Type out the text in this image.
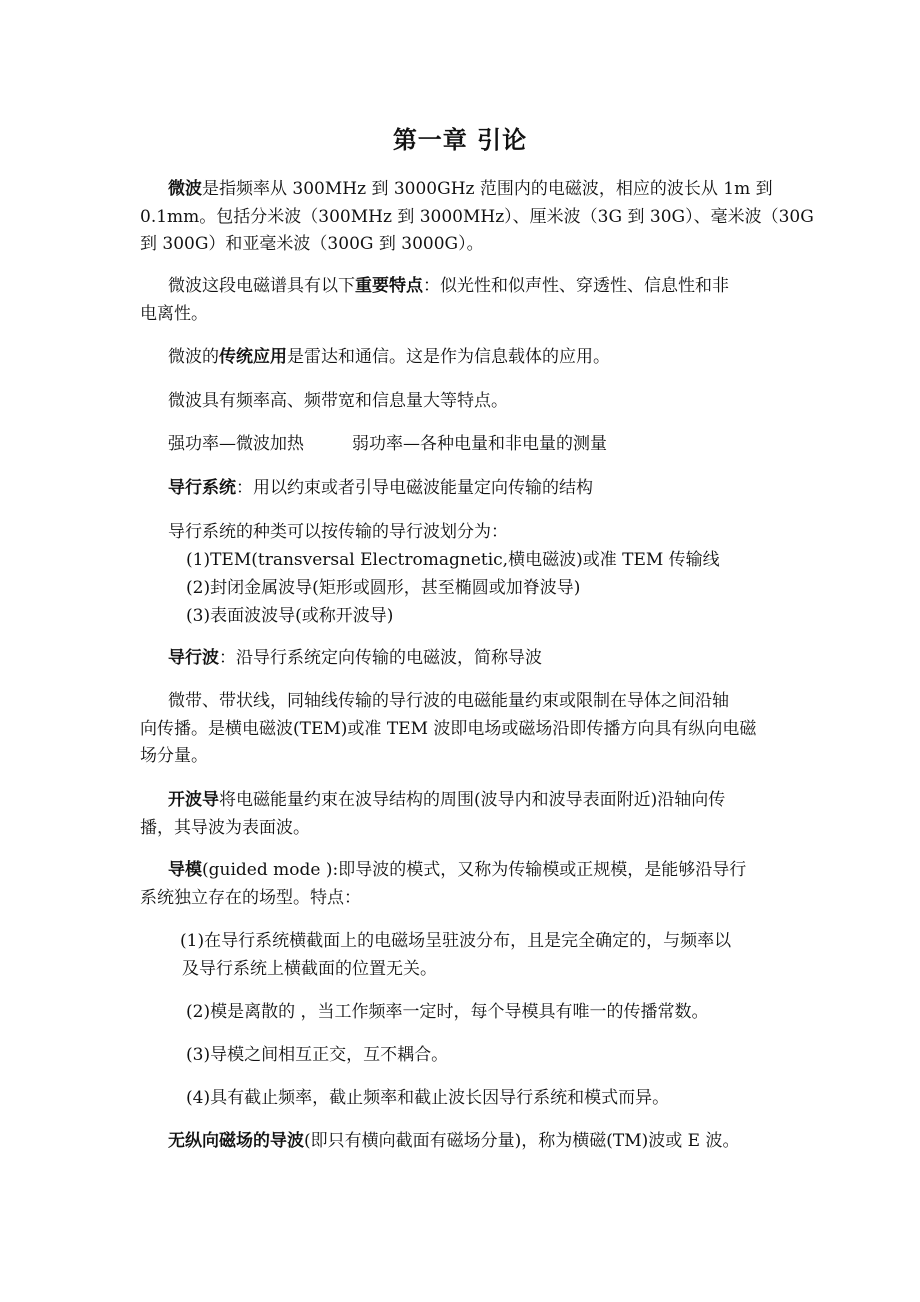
第一章 引论
微波是指频率从 300MHz 到 3000GHz 范围内的电磁波，相应的波长从 1m 到
0.1mm。包括分米波（300MHz 到 3000MHz）、厘米波（3G 到 30G）、毫米波（30G
到 300G）和亚毫米波（300G 到 3000G）。
微波这段电磁谱具有以下重要特点：似光性和似声性、穿透性、信息性和非
电离性。
微波的传统应用是雷达和通信。这是作为信息载体的应用。
微波具有频率高、频带宽和信息量大等特点。
强功率—微波加热	弱功率—各种电量和非电量的测量
导行系统：用以约束或者引导电磁波能量定向传输的结构
导行系统的种类可以按传输的导行波划分为：
(1)TEM(transversal Electromagnetic,横电磁波)或准 TEM 传输线
(2)封闭金属波导(矩形或圆形，甚至椭圆或加脊波导)
(3)表面波波导(或称开波导)
导行波：沿导行系统定向传输的电磁波，简称导波
微带、带状线，同轴线传输的导行波的电磁能量约束或限制在导体之间沿轴
向传播。是横电磁波(TEM)或准 TEM 波即电场或磁场沿即传播方向具有纵向电磁
场分量。
开波导将电磁能量约束在波导结构的周围(波导内和波导表面附近)沿轴向传
播，其导波为表面波。
导模(guided mode ):即导波的模式，又称为传输模或正规模，是能够沿导行
系统独立存在的场型。特点：
(1)在导行系统横截面上的电磁场呈驻波分布，且是完全确定的，与频率以
及导行系统上横截面的位置无关。
(2)模是离散的 ，当工作频率一定时，每个导模具有唯一的传播常数。
(3)导模之间相互正交，互不耦合。
(4)具有截止频率，截止频率和截止波长因导行系统和模式而异。
无纵向磁场的导波(即只有横向截面有磁场分量)，称为横磁(TM)波或 E 波。
